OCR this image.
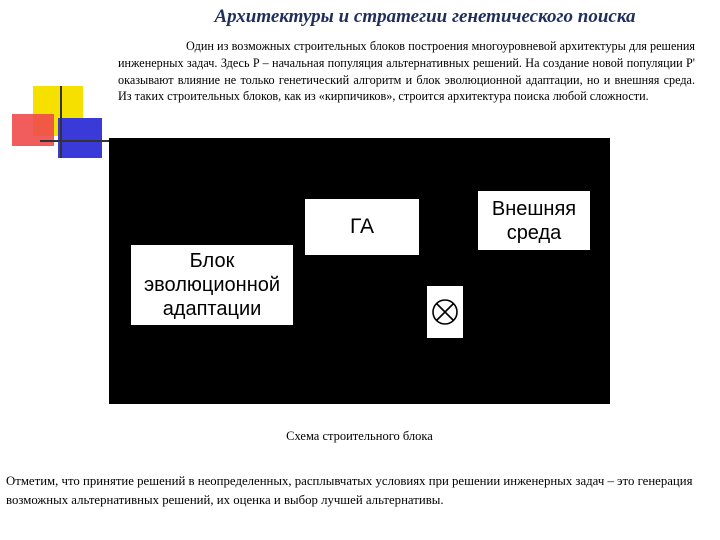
Архитектуры и стратегии генетического поиска

Один из возможных строительных блоков построения многоуровневой архитектуры для решения инженерных задач. Здесь P – начальная популяция альтернативных решений. На создание новой популяции P' оказывают влияние не только генетический алгоритм и блок эволюционной адаптации, но и внешняя среда. Из таких строительных блоков, как из «кирпичиков», строится архитектура поиска любой сложности.

ГА
Внешняя среда
Блок эволюционной адаптации

Схема строительного блока

Отметим, что принятие решений в неопределенных, расплывчатых условиях при решении инженерных задач – это генерация возможных альтернативных решений, их оценка и выбор лучшей альтернативы.
